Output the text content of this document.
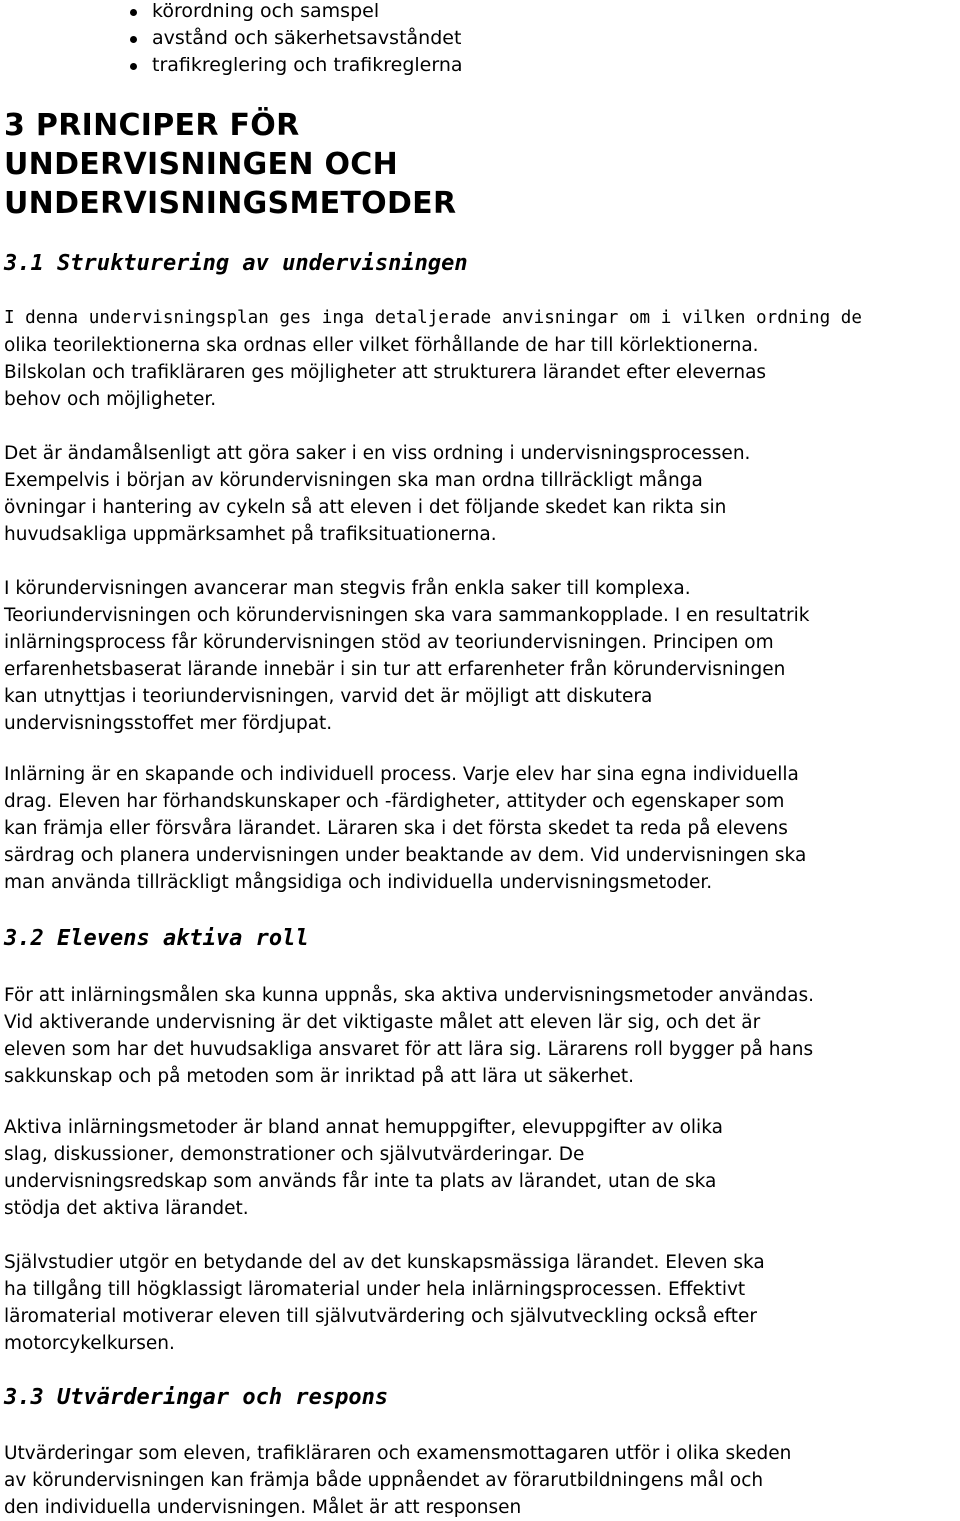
körordning och samspel
avstånd och säkerhetsavståndet
trafikreglering och trafikreglerna
3 PRINCIPER FÖR
UNDERVISNINGEN OCH
UNDERVISNINGSMETODER
3.1 Strukturering av undervisningen

I denna undervisningsplan ges inga detaljerade anvisningar om i vilken ordning de
olika teorilektionerna ska ordnas eller vilket förhållande de har till körlektionerna.
Bilskolan och trafikläraren ges möjligheter att strukturera lärandet efter elevernas
behov och möjligheter.

Det är ändamålsenligt att göra saker i en viss ordning i undervisningsprocessen.
Exempelvis i början av körundervisningen ska man ordna tillräckligt många
övningar i hantering av cykeln så att eleven i det följande skedet kan rikta sin
huvudsakliga uppmärksamhet på trafiksituationerna.

I körundervisningen avancerar man stegvis från enkla saker till komplexa.
Teoriundervisningen och körundervisningen ska vara sammankopplade. I en resultatrik
inlärningsprocess får körundervisningen stöd av teoriundervisningen. Principen om
erfarenhetsbaserat lärande innebär i sin tur att erfarenheter från körundervisningen
kan utnyttjas i teoriundervisningen, varvid det är möjligt att diskutera
undervisningsstoffet mer fördjupat.

Inlärning är en skapande och individuell process. Varje elev har sina egna individuella
drag. Eleven har förhandskunskaper och -färdigheter, attityder och egenskaper som
kan främja eller försvåra lärandet. Läraren ska i det första skedet ta reda på elevens
särdrag och planera undervisningen under beaktande av dem. Vid undervisningen ska
man använda tillräckligt mångsidiga och individuella undervisningsmetoder.

3.2 Elevens aktiva roll

För att inlärningsmålen ska kunna uppnås, ska aktiva undervisningsmetoder användas.
Vid aktiverande undervisning är det viktigaste målet att eleven lär sig, och det är
eleven som har det huvudsakliga ansvaret för att lära sig. Lärarens roll bygger på hans
sakkunskap och på metoden som är inriktad på att lära ut säkerhet.

Aktiva inlärningsmetoder är bland annat hemuppgifter, elevuppgifter av olika
slag, diskussioner, demonstrationer och självutvärderingar. De
undervisningsredskap som används får inte ta plats av lärandet, utan de ska
stödja det aktiva lärandet.

Självstudier utgör en betydande del av det kunskapsmässiga lärandet. Eleven ska
ha tillgång till högklassigt läromaterial under hela inlärningsprocessen. Effektivt
läromaterial motiverar eleven till självutvärdering och självutveckling också efter
motorcykelkursen.

3.3 Utvärderingar och respons

Utvärderingar som eleven, trafikläraren och examensmottagaren utför i olika skeden
av körundervisningen kan främja både uppnåendet av förarutbildningens mål och
den individuella undervisningen. Målet är att responsen
